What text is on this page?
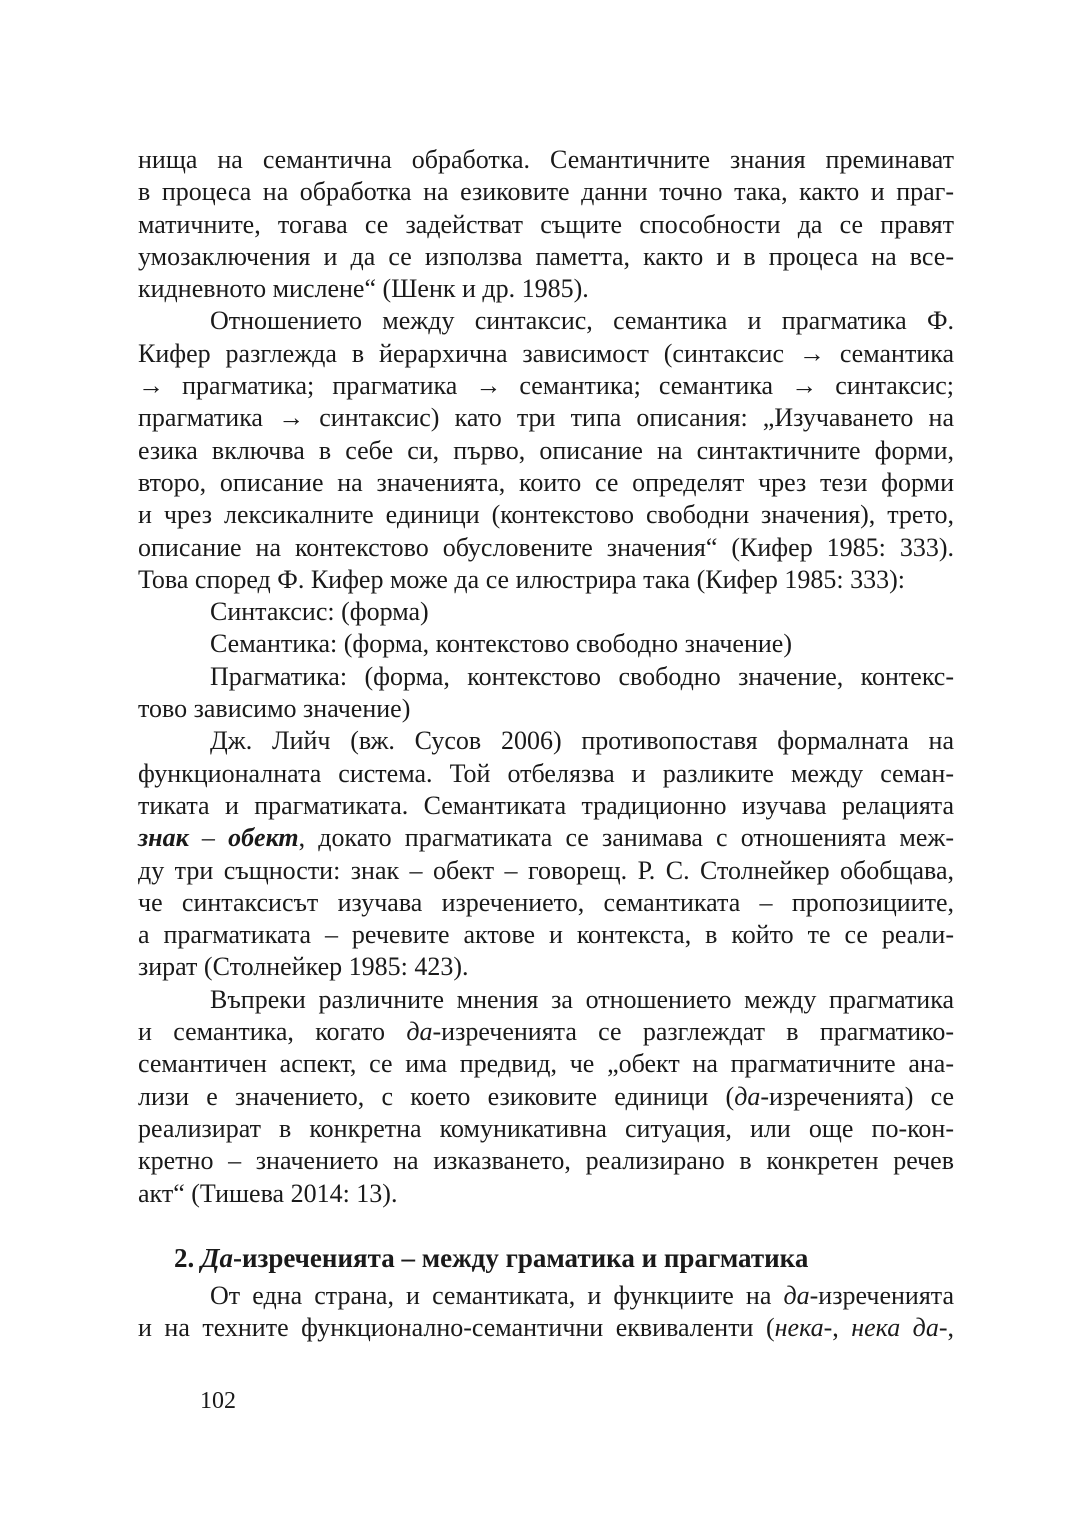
нища на семантична обработка. Семантичните знания преминават
в процеса на обработка на езиковите данни точно така, както и праг-
матичните, тогава се задействат същите способности да се правят
умозаключения и да се използва паметта, както и в процеса на все-
кидневното мислене“ (Шенк и др. 1985).
Отношението между синтаксис, семантика и прагматика Ф.
Кифер разглежда в йерархична зависимост (синтаксис → семантика
→ прагматика; прагматика → семантика; семантика → синтаксис;
прагматика → синтаксис) като три типа описания: „Изучаването на
езика включва в себе си, първо, описание на синтактичните форми,
второ, описание на значенията, които се определят чрез тези форми
и чрез лексикалните единици (контекстово свободни значения), трето,
описание на контекстово обусловените значения“ (Кифер 1985: 333).
Това според Ф. Кифер може да се илюстрира така (Кифер 1985: 333):
Синтаксис: (форма)
Семантика: (форма, контекстово свободно значение)
Прагматика: (форма, контекстово свободно значение, контекс-
тово зависимо значение)
Дж. Лийч (вж. Сусов 2006) противопоставя формалната на
функционалната система. Той отбелязва и разликите между семан-
тиката и прагматиката. Семантиката традиционно изучава релацията
знак – обект, докато прагматиката се занимава с отношенията меж-
ду три същности: знак – обект – говорещ. Р. С. Столнейкер обобщава,
че синтаксисът изучава изречението, семантиката – пропозициите,
а прагматиката – речевите актове и контекста, в който те се реали-
зират (Столнейкер 1985: 423).
Въпреки различните мнения за отношението между прагматика
и семантика, когато да-изреченията се разглеждат в прагматико-
семантичен аспект, се има предвид, че „обект на прагматичните ана-
лизи е значението, с което езиковите единици (да-изреченията) се
реализират в конкретна комуникативна ситуация, или още по-кон-
кретно – значението на изказването, реализирано в конкретен речев
акт“ (Тишева 2014: 13).
2. Да-изреченията – между граматика и прагматика
От една страна, и семантиката, и функциите на да-изреченията
и на техните функционално-семантични еквиваленти (нека-, нека да-,
102
